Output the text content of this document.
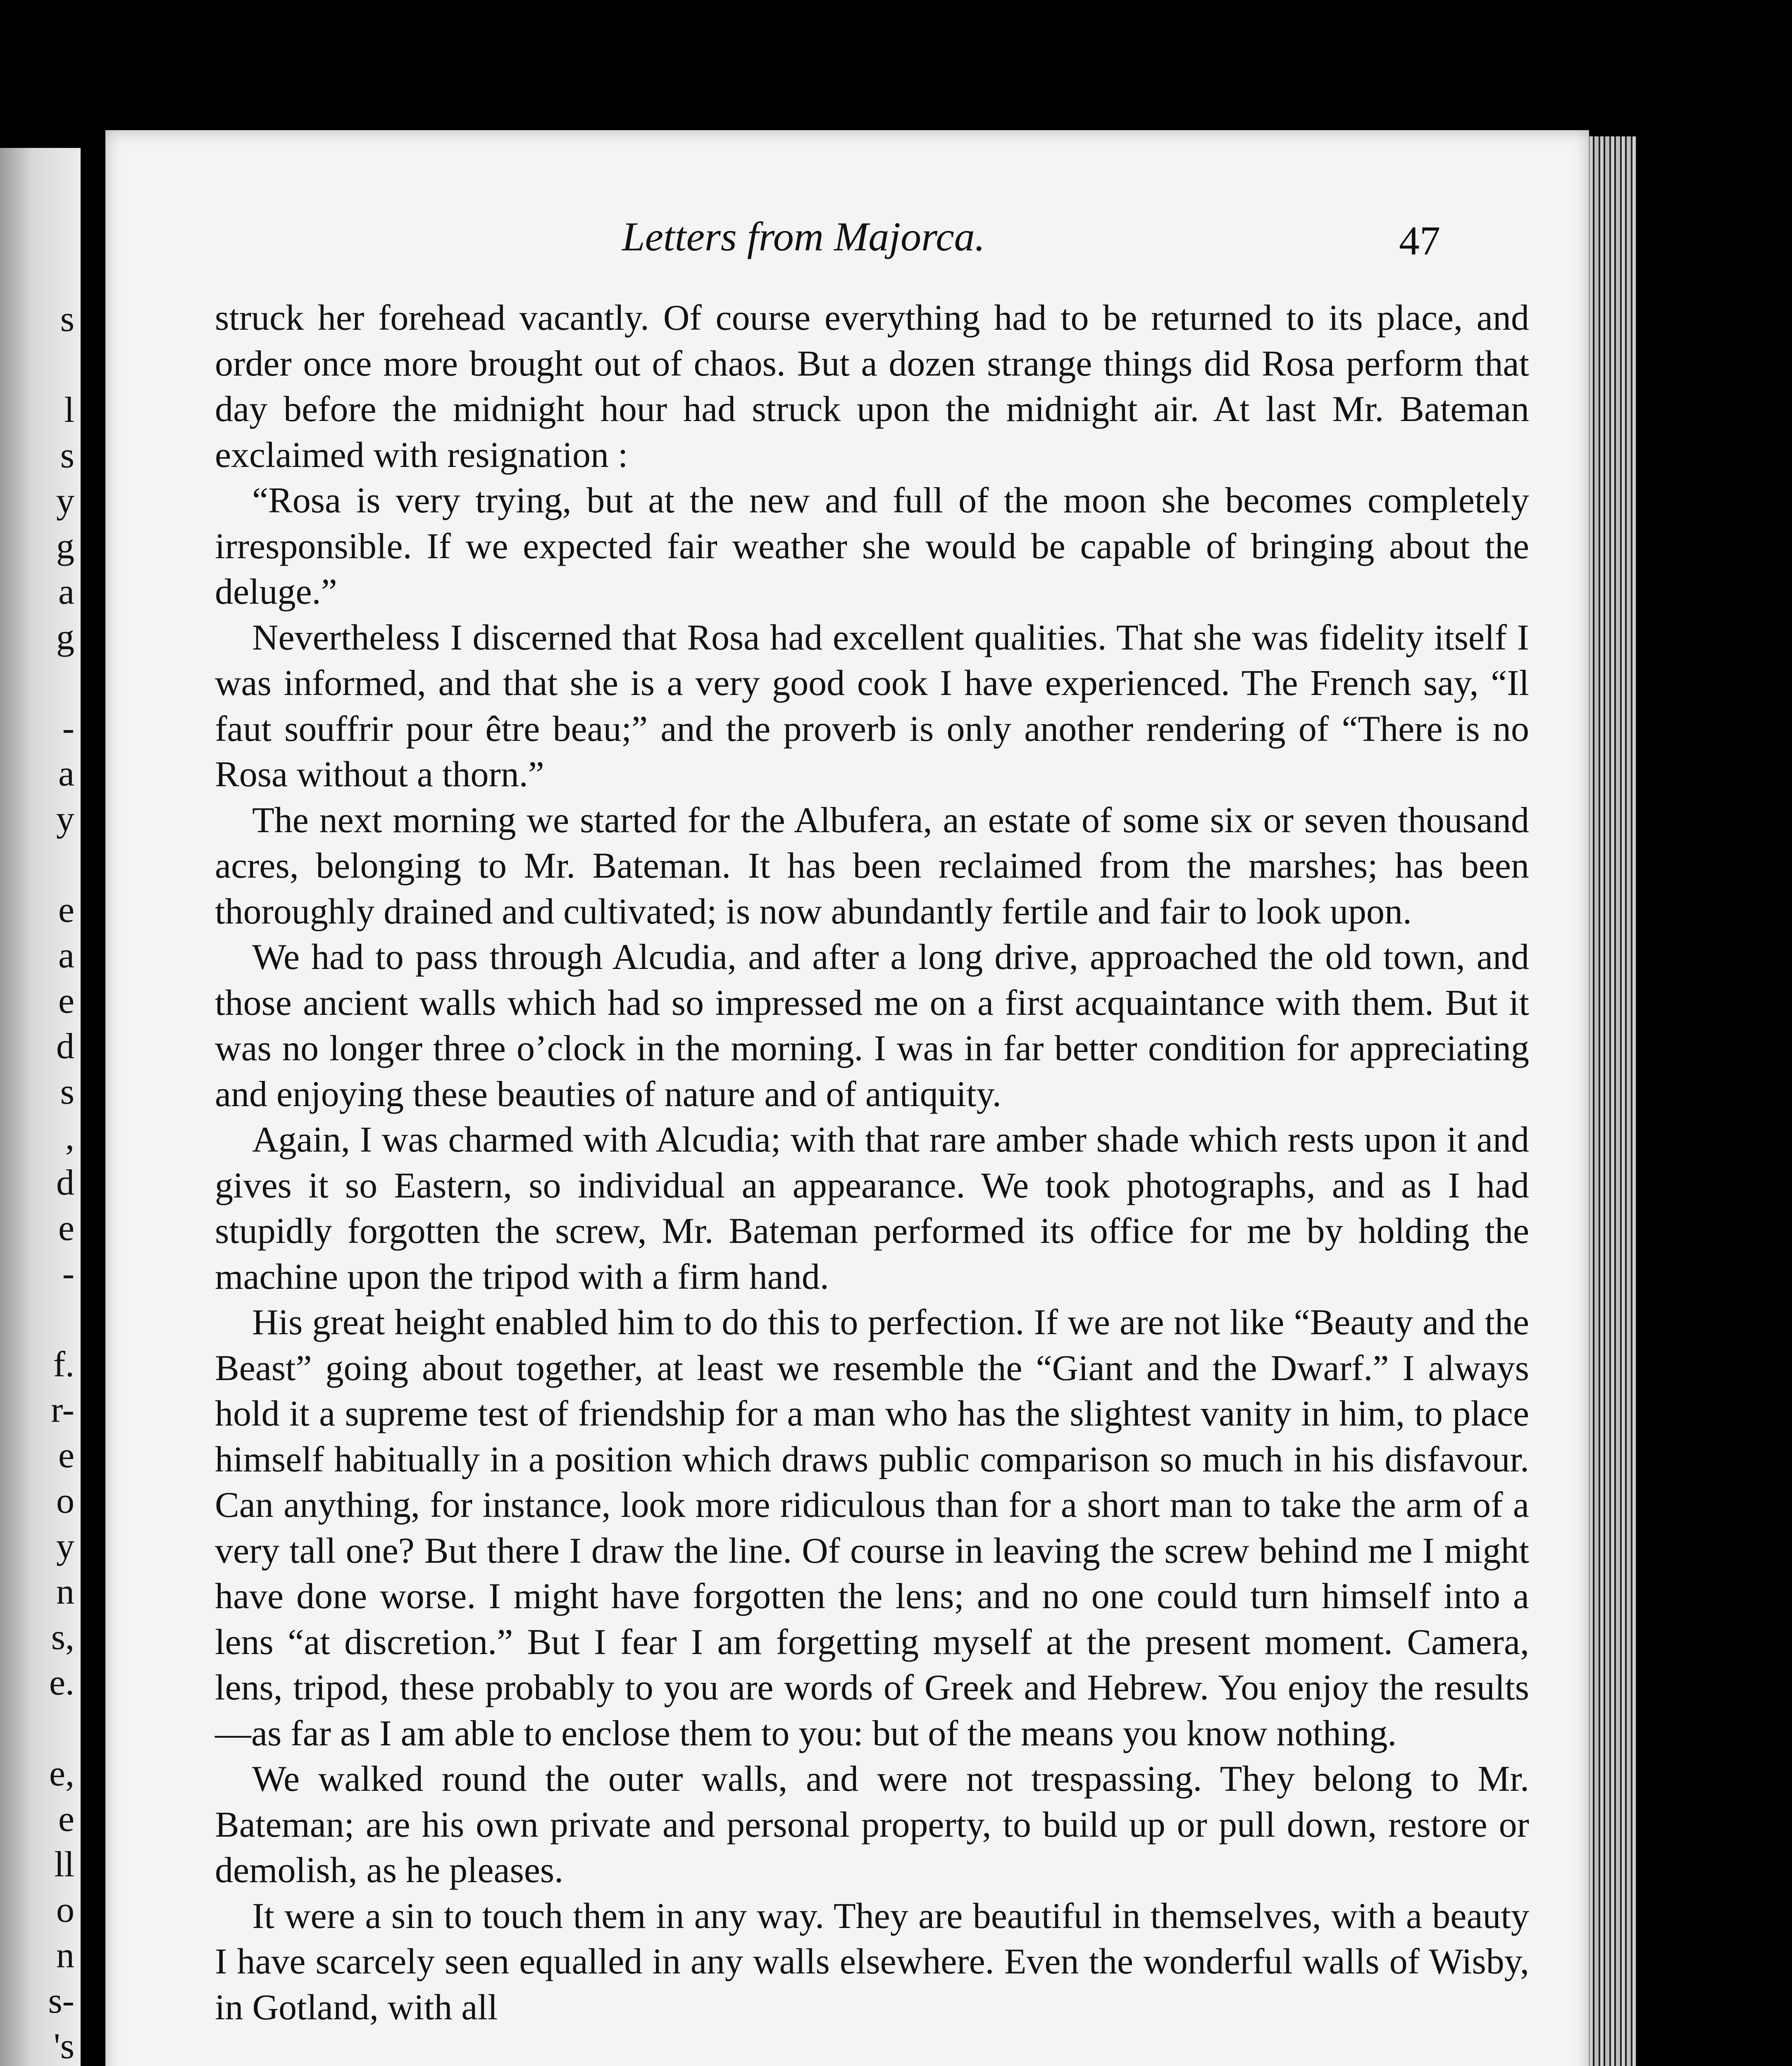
s
l
s
y
g
a
g
-
a
y
e
a
e
d
s
,
d
e
-
f.
r-
e
o
y
n
s,
e.
e,
e
ll
o
n
s-
's
Letters from Majorca.	47

struck her forehead vacantly. Of course everything had to be returned to its place, and order once more brought out of chaos. But a dozen strange things did Rosa perform that day before the midnight hour had struck upon the midnight air. At last Mr. Bateman exclaimed with resignation :

“Rosa is very trying, but at the new and full of the moon she becomes completely irresponsible. If we expected fair weather she would be capable of bringing about the deluge.”

Nevertheless I discerned that Rosa had excellent qualities. That she was fidelity itself I was informed, and that she is a very good cook I have experienced. The French say, “Il faut souffrir pour être beau;” and the proverb is only another rendering of “There is no Rosa without a thorn.”

The next morning we started for the Albufera, an estate of some six or seven thousand acres, belonging to Mr. Bateman. It has been reclaimed from the marshes; has been thoroughly drained and cultivated; is now abundantly fertile and fair to look upon.

We had to pass through Alcudia, and after a long drive, approached the old town, and those ancient walls which had so impressed me on a first acquaintance with them. But it was no longer three o’clock in the morning. I was in far better condition for appreciating and enjoying these beauties of nature and of antiquity.

Again, I was charmed with Alcudia; with that rare amber shade which rests upon it and gives it so Eastern, so individual an appearance. We took photographs, and as I had stupidly forgotten the screw, Mr. Bateman performed its office for me by holding the machine upon the tripod with a firm hand.

His great height enabled him to do this to perfection. If we are not like “Beauty and the Beast” going about together, at least we resemble the “Giant and the Dwarf.” I always hold it a supreme test of friendship for a man who has the slightest vanity in him, to place himself habitually in a position which draws public comparison so much in his disfavour. Can anything, for instance, look more ridiculous than for a short man to take the arm of a very tall one? But there I draw the line. Of course in leaving the screw behind me I might have done worse. I might have forgotten the lens; and no one could turn himself into a lens “at discretion.” But I fear I am forgetting myself at the present moment. Camera, lens, tripod, these probably to you are words of Greek and Hebrew. You enjoy the results—as far as I am able to enclose them to you: but of the means you know nothing.

We walked round the outer walls, and were not trespassing. They belong to Mr. Bateman; are his own private and personal property, to build up or pull down, restore or demolish, as he pleases.

It were a sin to touch them in any way. They are beautiful in themselves, with a beauty I have scarcely seen equalled in any walls elsewhere. Even the wonderful walls of Wisby, in Gotland, with all
